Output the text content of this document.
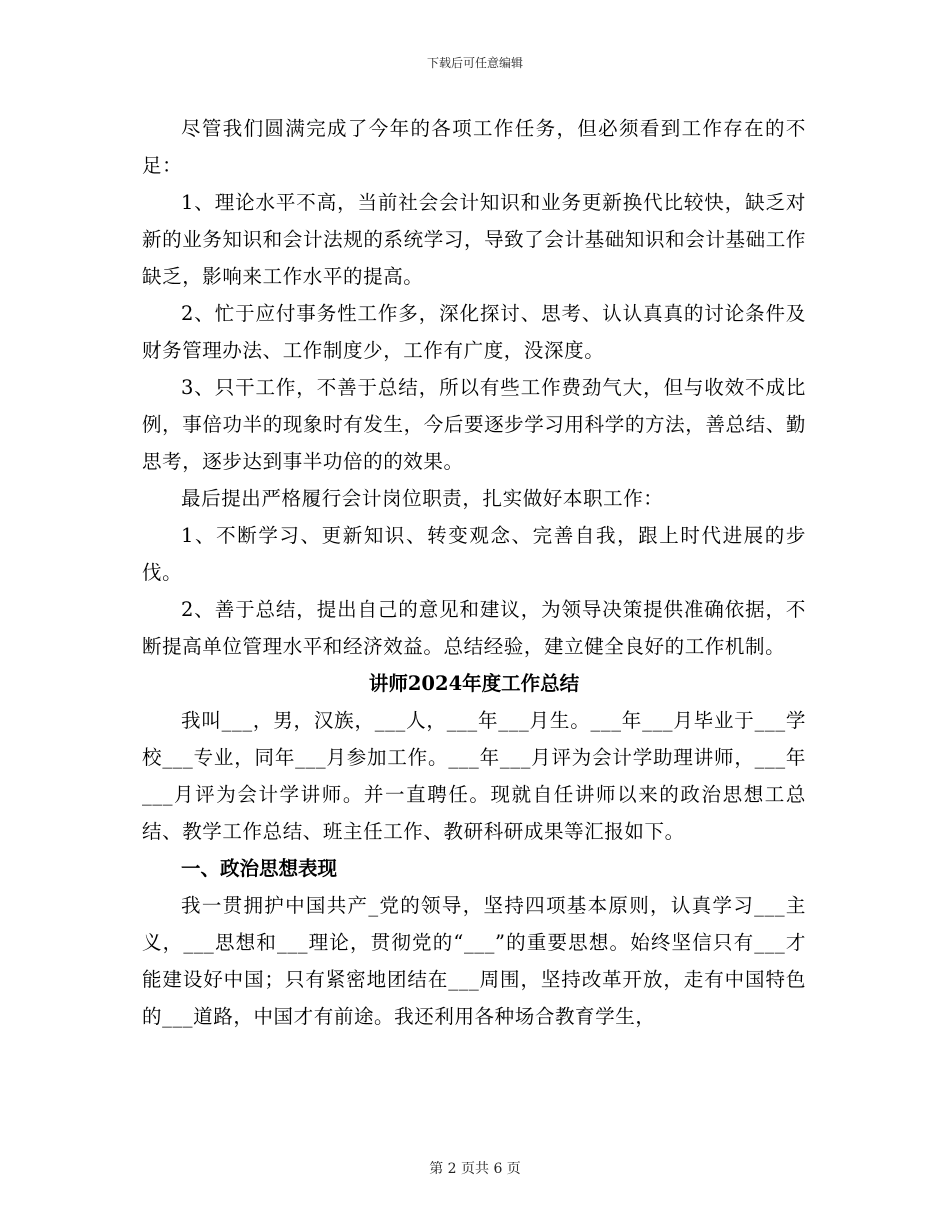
下载后可任意编辑

尽管我们圆满完成了今年的各项工作任务，但必须看到工作存在的不足：

1、理论水平不高，当前社会会计知识和业务更新换代比较快，缺乏对新的业务知识和会计法规的系统学习，导致了会计基础知识和会计基础工作缺乏，影响来工作水平的提高。

2、忙于应付事务性工作多，深化探讨、思考、认认真真的讨论条件及财务管理办法、工作制度少，工作有广度，没深度。

3、只干工作，不善于总结，所以有些工作费劲气大，但与收效不成比例，事倍功半的现象时有发生，今后要逐步学习用科学的方法，善总结、勤思考，逐步达到事半功倍的的效果。

最后提出严格履行会计岗位职责，扎实做好本职工作：

1、不断学习、更新知识、转变观念、完善自我，跟上时代进展的步伐。

2、善于总结，提出自己的意见和建议，为领导决策提供准确依据，不断提高单位管理水平和经济效益。总结经验，建立健全良好的工作机制。

讲师2024年度工作总结

我叫___，男，汉族，___人，___年___月生。___年___月毕业于___学校___专业，同年___月参加工作。___年___月评为会计学助理讲师，___年___月评为会计学讲师。并一直聘任。现就自任讲师以来的政治思想工总结、教学工作总结、班主任工作、教研科研成果等汇报如下。

一、政治思想表现

我一贯拥护中国共产_党的领导，坚持四项基本原则，认真学习___主义，___思想和___理论，贯彻党的“___”的重要思想。始终坚信只有___才能建设好中国；只有紧密地团结在___周围，坚持改革开放，走有中国特色的___道路，中国才有前途。我还利用各种场合教育学生，

第 2 页共 6 页
